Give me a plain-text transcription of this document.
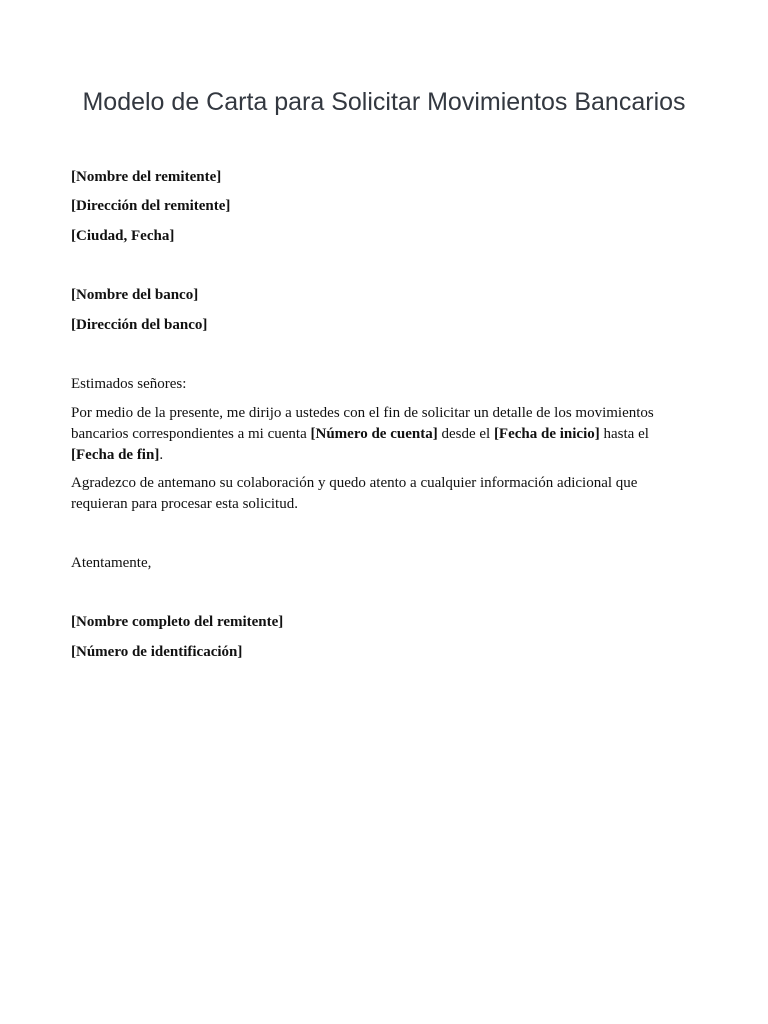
Modelo de Carta para Solicitar Movimientos Bancarios

[Nombre del remitente]

[Dirección del remitente]

[Ciudad, Fecha]

[Nombre del banco]

[Dirección del banco]

Estimados señores:

Por medio de la presente, me dirijo a ustedes con el fin de solicitar un detalle de los movimientos bancarios correspondientes a mi cuenta [Número de cuenta] desde el [Fecha de inicio] hasta el [Fecha de fin].

Agradezco de antemano su colaboración y quedo atento a cualquier información adicional que requieran para procesar esta solicitud.

Atentamente,

[Nombre completo del remitente]

[Número de identificación]
